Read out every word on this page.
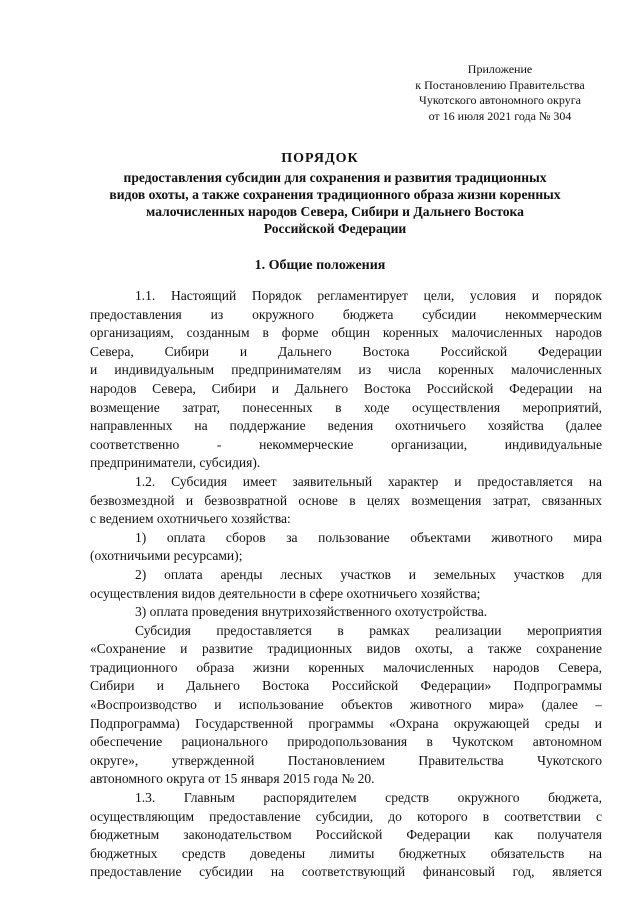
Приложение
к Постановлению Правительства
Чукотского автономного округа
от 16 июля 2021 года № 304
ПОРЯДОК
предоставления субсидии для сохранения и развития традиционных
видов охоты, а также сохранения традиционного образа жизни коренных
малочисленных народов Севера, Сибири и Дальнего Востока
Российской Федерации
1. Общие положения
1.1. Настоящий Порядок регламентирует цели, условия и порядок
предоставления из окружного бюджета субсидии некоммерческим
организациям, созданным в форме общин коренных малочисленных народов
Севера, Сибири и Дальнего Востока Российской Федерации
и индивидуальным предпринимателям из числа коренных малочисленных
народов Севера, Сибири и Дальнего Востока Российской Федерации на
возмещение затрат, понесенных в ходе осуществления мероприятий,
направленных на поддержание ведения охотничьего хозяйства (далее
соответственно - некоммерческие организации, индивидуальные
предприниматели, субсидия).
1.2. Субсидия имеет заявительный характер и предоставляется на
безвозмездной и безвозвратной основе в целях возмещения затрат, связанных
с ведением охотничьего хозяйства:
1) оплата сборов за пользование объектами животного мира
(охотничьими ресурсами);
2) оплата аренды лесных участков и земельных участков для
осуществления видов деятельности в сфере охотничьего хозяйства;
3) оплата проведения внутрихозяйственного охотустройства.
Субсидия предоставляется в рамках реализации мероприятия
«Сохранение и развитие традиционных видов охоты, а также сохранение
традиционного образа жизни коренных малочисленных народов Севера,
Сибири и Дальнего Востока Российской Федерации» Подпрограммы
«Воспроизводство и использование объектов животного мира» (далее –
Подпрограмма) Государственной программы «Охрана окружающей среды и
обеспечение рационального природопользования в Чукотском автономном
округе», утвержденной Постановлением Правительства Чукотского
автономного округа от 15 января 2015 года № 20.
1.3. Главным распорядителем средств окружного бюджета,
осуществляющим предоставление субсидии, до которого в соответствии с
бюджетным законодательством Российской Федерации как получателя
бюджетных средств доведены лимиты бюджетных обязательств на
предоставление субсидии на соответствующий финансовый год, является
